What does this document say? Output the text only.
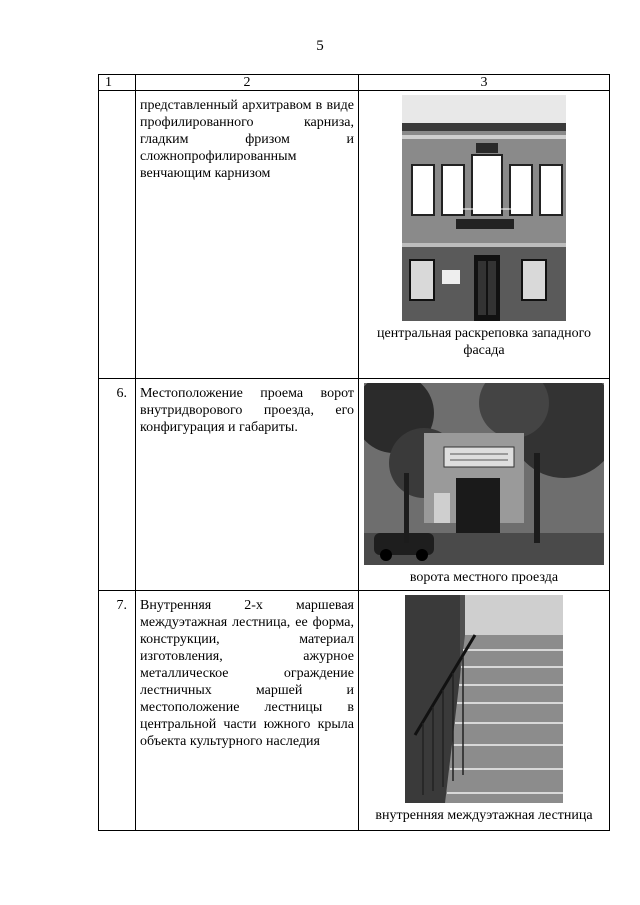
5
1	2	3

	представленный архитравом в виде профилированного карниза, гладким фризом и сложнопрофилированным венчающим карнизом	центральная раскреповка западного фасада

6.	Местоположение проема ворот внутридворового проезда, его конфигурация и габариты.	ворота местного проезда

7.	Внутренняя 2-х маршевая междуэтажная лестница, ее форма, конструкции, материал изготовления, ажурное металлическое ограждение лестничных маршей и местоположение лестницы в центральной части южного крыла объекта культурного наследия	внутренняя междуэтажная лестница
